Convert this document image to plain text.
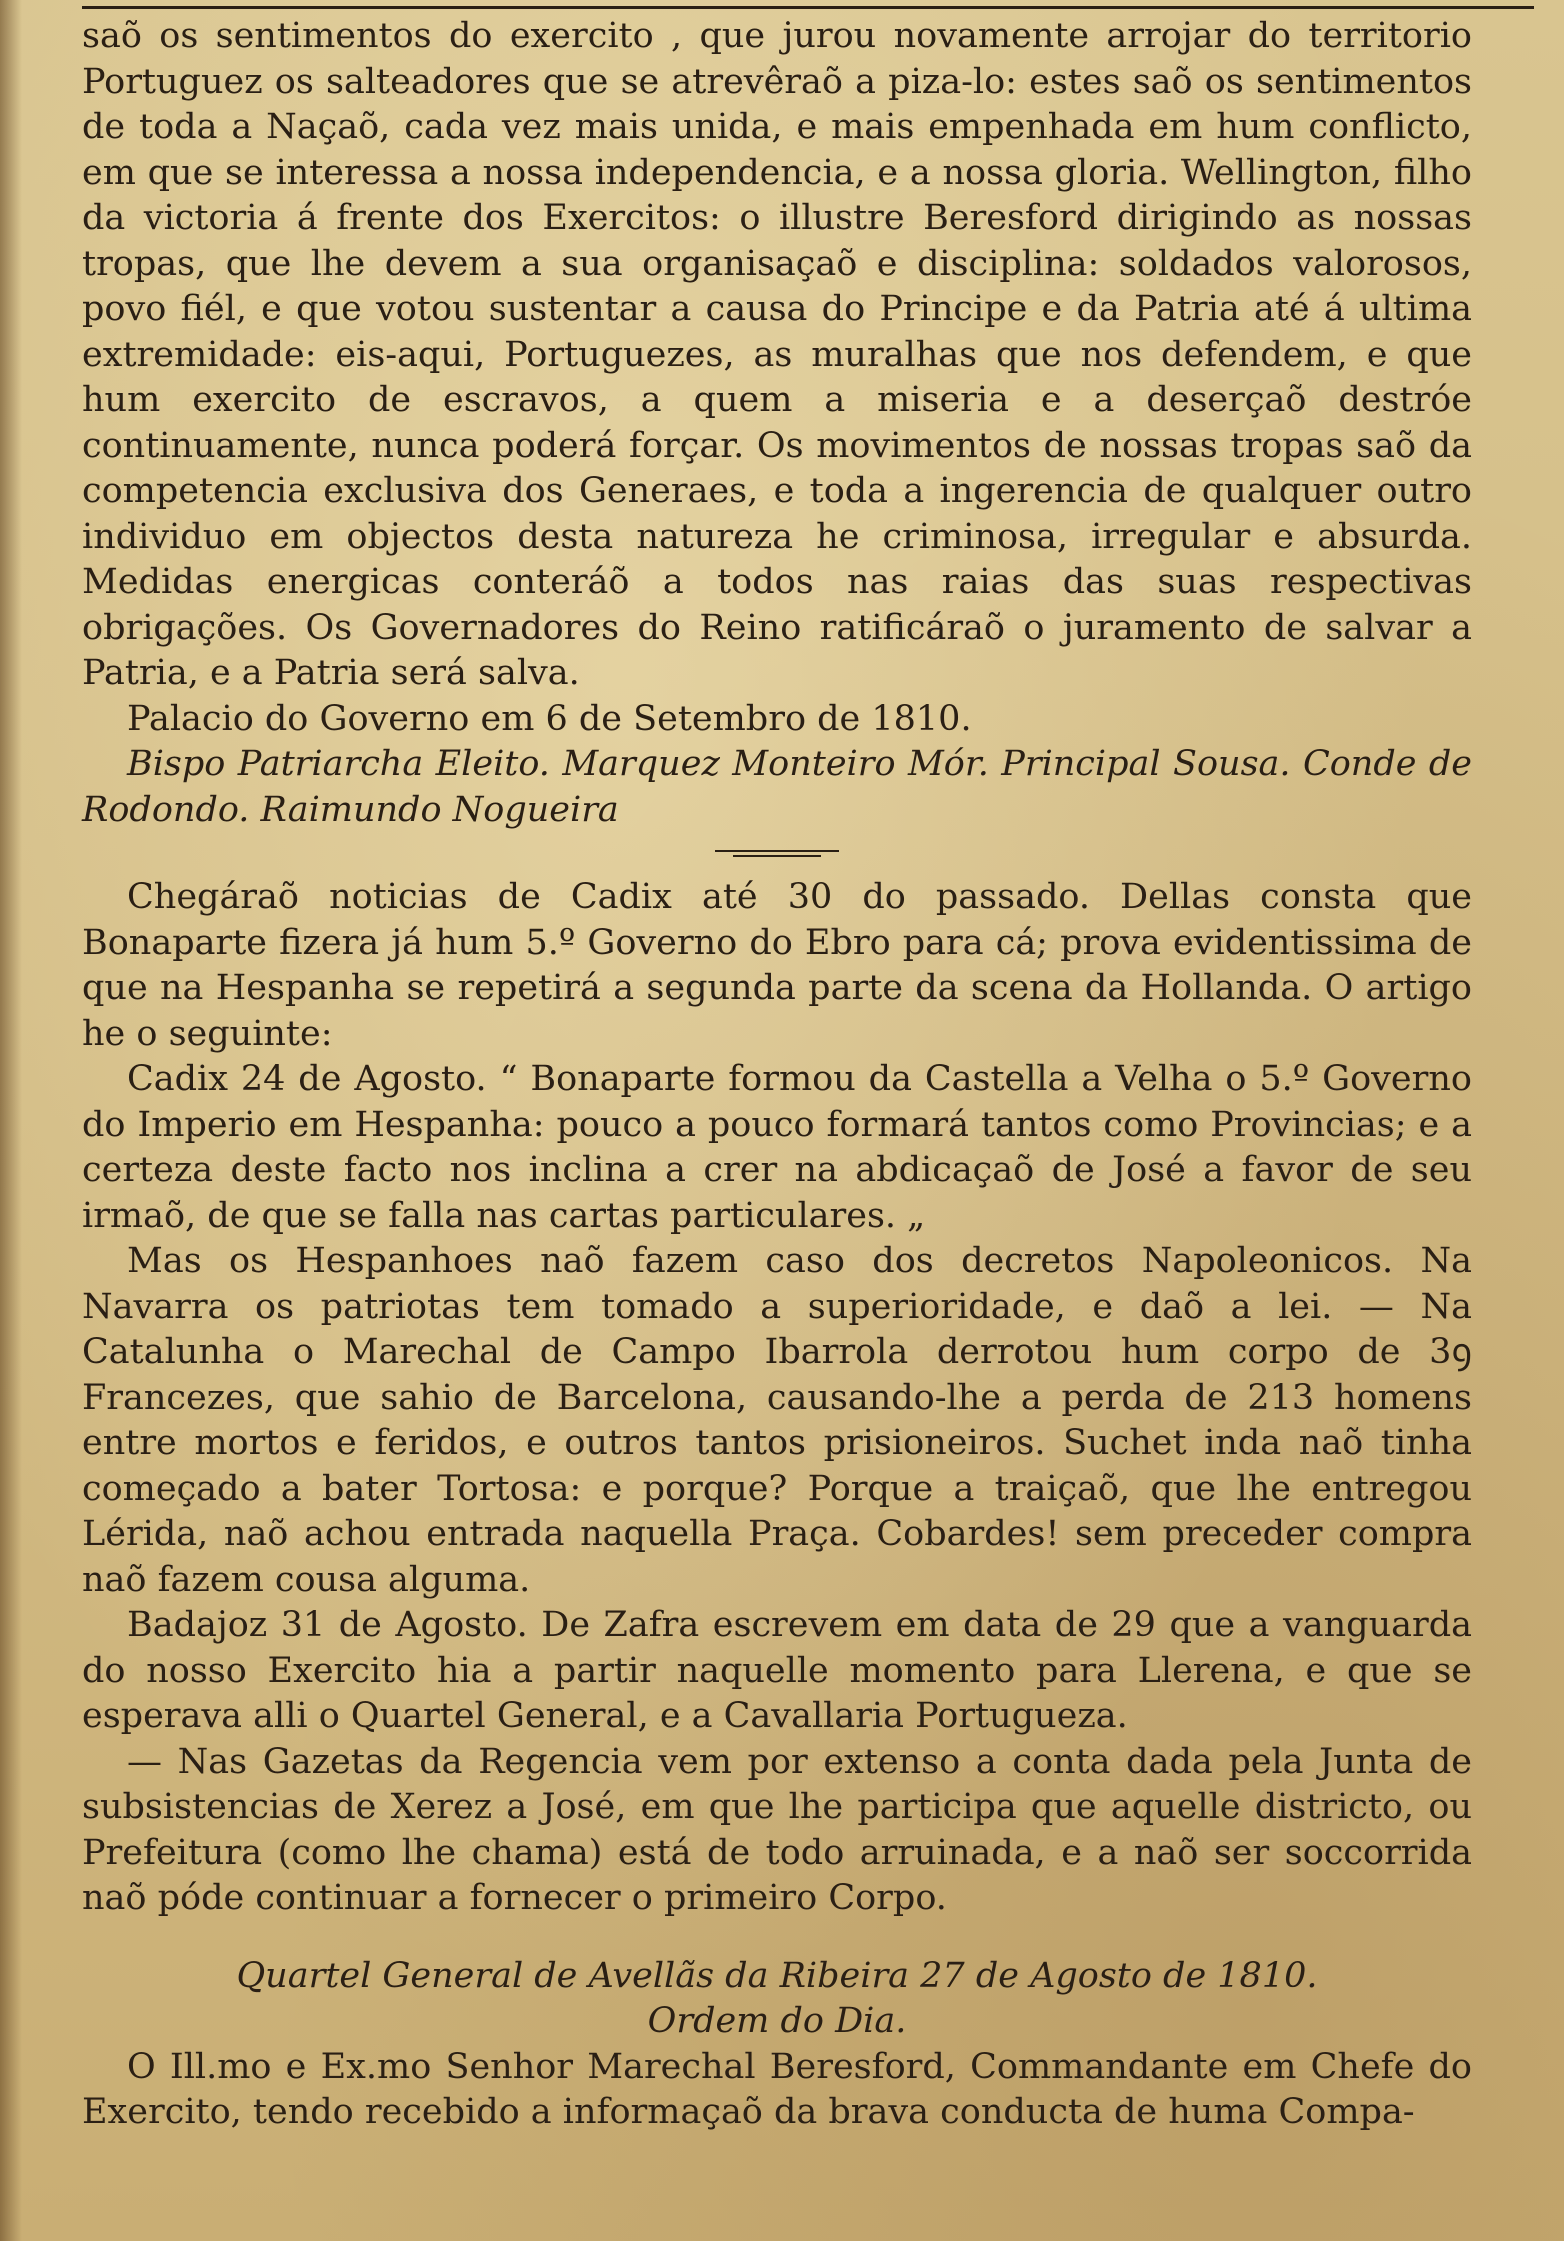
saõ os sentimentos do exercito , que jurou novamente arrojar do territorio Portuguez os salteadores que se atrevêraõ a piza-lo: estes saõ os sentimentos de toda a Naçaõ, cada vez mais unida, e mais empenhada em hum conflicto, em que se interessa a nossa independencia, e a nossa gloria. Wellington, filho da victoria á frente dos Exercitos: o illustre Beresford dirigindo as nossas tropas, que lhe devem a sua organisaçaõ e disciplina: soldados valorosos, povo fiél, e que votou sustentar a causa do Principe e da Patria até á ultima extremidade: eis-aqui, Portuguezes, as muralhas que nos defendem, e que hum exercito de escravos, a quem a miseria e a deserçaõ destróe continuamente, nunca poderá forçar. Os movimentos de nossas tropas saõ da competencia exclusiva dos Generaes, e toda a ingerencia de qualquer outro individuo em objectos desta natureza he criminosa, irregular e absurda. Medidas energicas conteráõ a todos nas raias das suas respectivas obrigações. Os Governadores do Reino ratificáraõ o juramento de salvar a Patria, e a Patria será salva.

Palacio do Governo em 6 de Setembro de 1810.

Bispo Patriarcha Eleito. Marquez Monteiro Mór. Principal Sousa. Conde de Rodondo. Raimundo Nogueira

Chegáraõ noticias de Cadix até 30 do passado. Dellas consta que Bonaparte fizera já hum 5.º Governo do Ebro para cá; prova evidentissima de que na Hespanha se repetirá a segunda parte da scena da Hollanda. O artigo he o seguinte:

Cadix 24 de Agosto. “ Bonaparte formou da Castella a Velha o 5.º Governo do Imperio em Hespanha: pouco a pouco formará tantos como Provincias; e a certeza deste facto nos inclina a crer na abdicaçaõ de José a favor de seu irmaõ, de que se falla nas cartas particulares. „

Mas os Hespanhoes naõ fazem caso dos decretos Napoleonicos. Na Navarra os patriotas tem tomado a superioridade, e daõ a lei. — Na Catalunha o Marechal de Campo Ibarrola derrotou hum corpo de 3ꝯ Francezes, que sahio de Barcelona, causando-lhe a perda de 213 homens entre mortos e feridos, e outros tantos prisioneiros. Suchet inda naõ tinha começado a bater Tortosa: e porque? Porque a traiçaõ, que lhe entregou Lérida, naõ achou entrada naquella Praça. Cobardes! sem preceder compra naõ fazem cousa alguma.

Badajoz 31 de Agosto. De Zafra escrevem em data de 29 que a vanguarda do nosso Exercito hia a partir naquelle momento para Llerena, e que se esperava alli o Quartel General, e a Cavallaria Portugueza.

— Nas Gazetas da Regencia vem por extenso a conta dada pela Junta de subsistencias de Xerez a José, em que lhe participa que aquelle districto, ou Prefeitura (como lhe chama) está de todo arruinada, e a naõ ser soccorrida naõ póde continuar a fornecer o primeiro Corpo.

Quartel General de Avellãs da Ribeira 27 de Agosto de 1810.

Ordem do Dia.

O Ill.mo e Ex.mo Senhor Marechal Beresford, Commandante em Chefe do Exercito, tendo recebido a informaçaõ da brava conducta de huma Compa-
